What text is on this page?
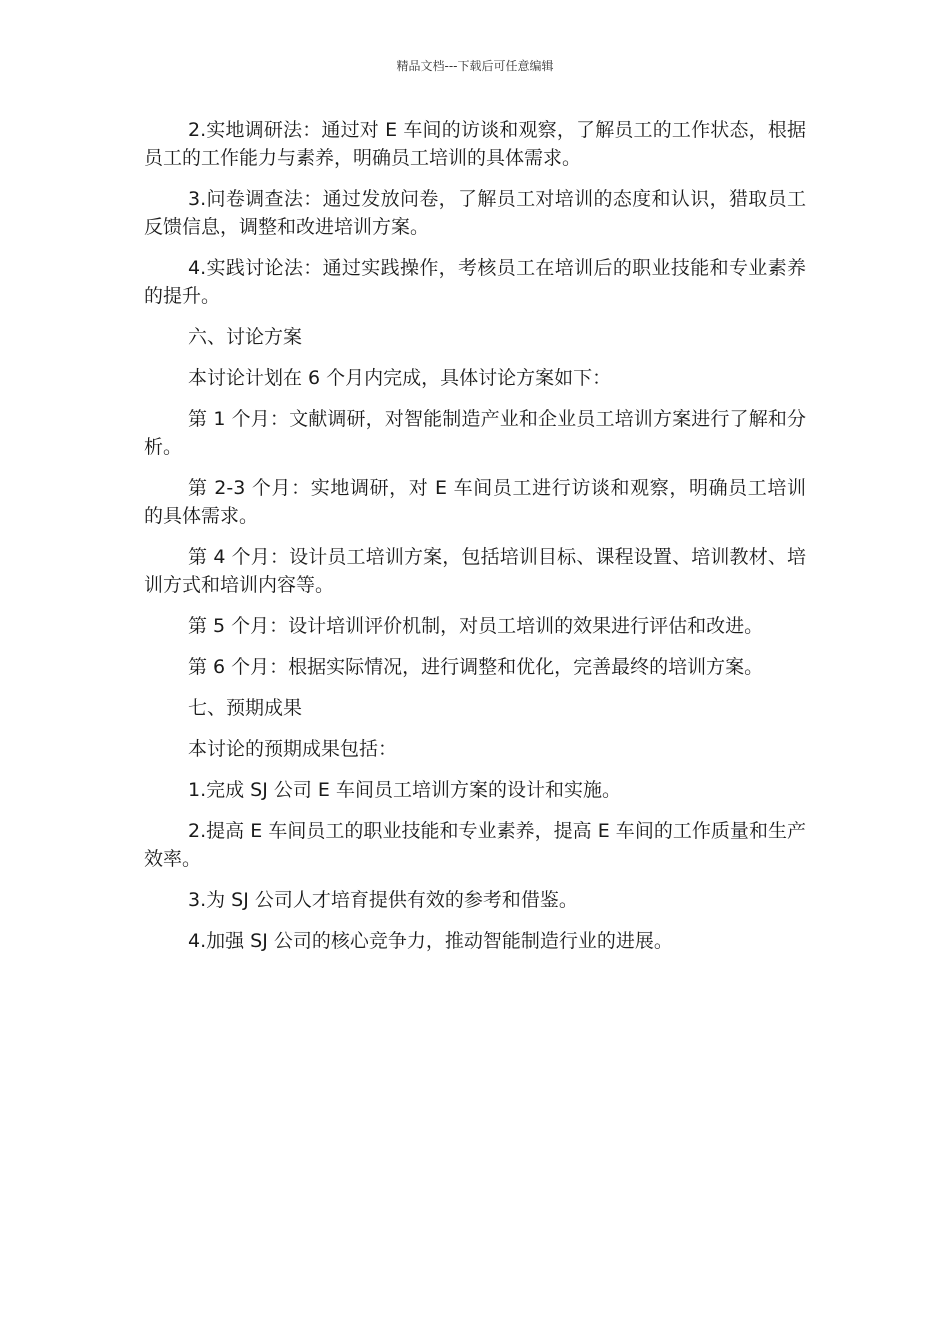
精品文档---下载后可任意编辑

2.实地调研法：通过对 E 车间的访谈和观察，了解员工的工作状态，根据员工的工作能力与素养，明确员工培训的具体需求。

3.问卷调查法：通过发放问卷，了解员工对培训的态度和认识，猎取员工反馈信息，调整和改进培训方案。

4.实践讨论法：通过实践操作，考核员工在培训后的职业技能和专业素养的提升。

六、讨论方案

本讨论计划在 6 个月内完成，具体讨论方案如下：

第 1 个月：文献调研，对智能制造产业和企业员工培训方案进行了解和分析。

第 2-3 个月：实地调研，对 E 车间员工进行访谈和观察，明确员工培训的具体需求。

第 4 个月：设计员工培训方案，包括培训目标、课程设置、培训教材、培训方式和培训内容等。

第 5 个月：设计培训评价机制，对员工培训的效果进行评估和改进。

第 6 个月：根据实际情况，进行调整和优化，完善最终的培训方案。

七、预期成果

本讨论的预期成果包括：

1.完成 SJ 公司 E 车间员工培训方案的设计和实施。

2.提高 E 车间员工的职业技能和专业素养，提高 E 车间的工作质量和生产效率。

3.为 SJ 公司人才培育提供有效的参考和借鉴。

4.加强 SJ 公司的核心竞争力，推动智能制造行业的进展。
